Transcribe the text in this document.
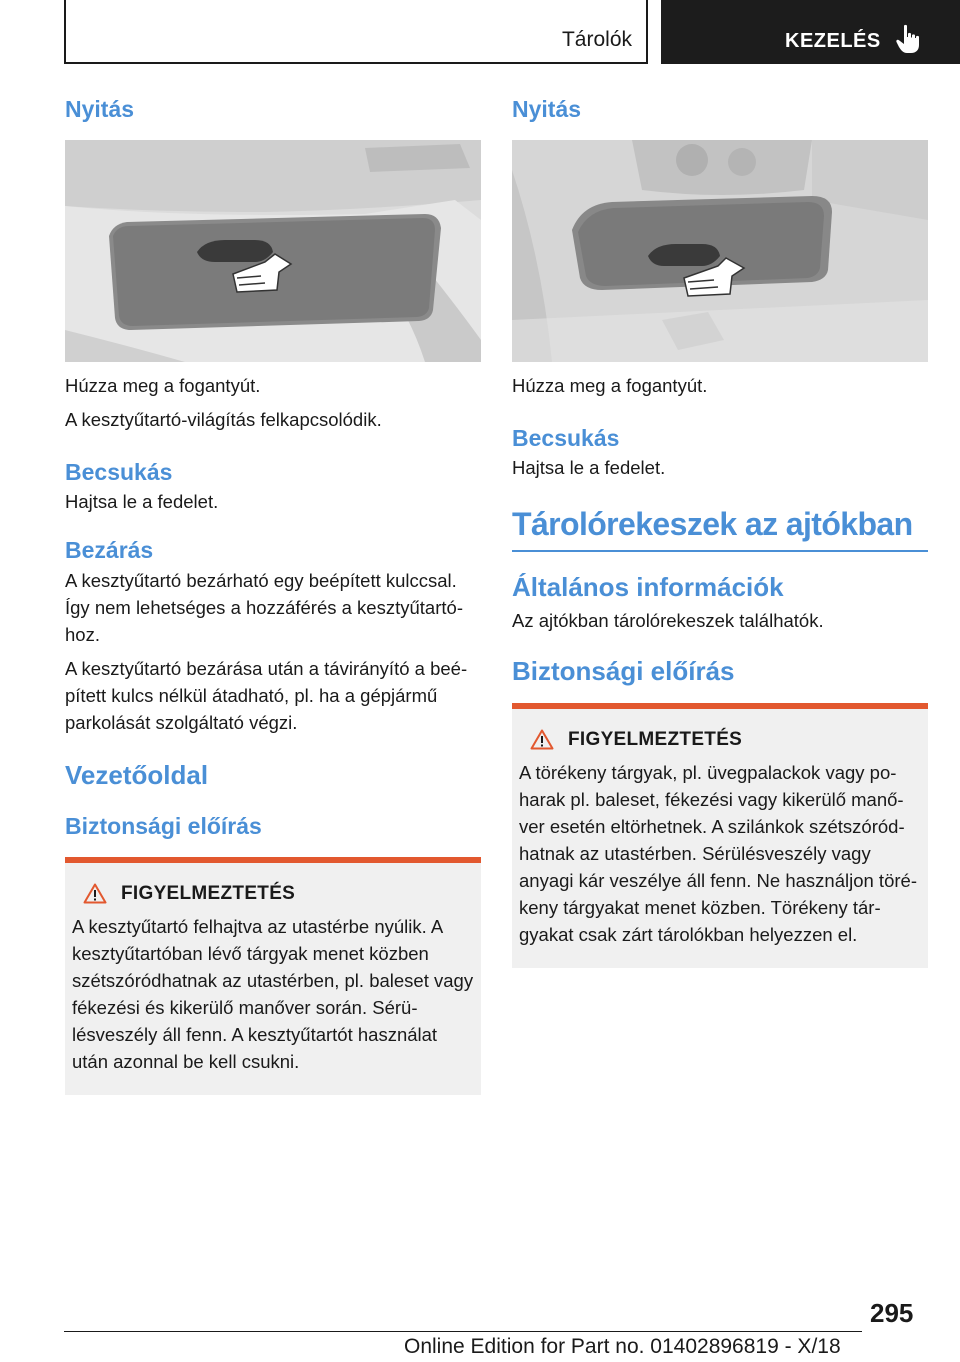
Tárolók	KEZELÉS
Nyitás

Húzza meg a fogantyút.

A kesztyűtartó-világítás felkapcsolódik.

Becsukás

Hajtsa le a fedelet.

Bezárás

A kesztyűtartó bezárható egy beépített kulccsal. Így nem lehetséges a hozzáférés a kesztyűtartóhoz.

A kesztyűtartó bezárása után a távirányító a beépített kulcs nélkül átadható, pl. ha a gépjármű parkolását szolgáltató végzi.

Vezetőoldal
Biztonsági előírás
FIGYELMEZTETÉS

A kesztyűtartó felhajtva az utastérbe nyúlik. A kesztyűtartóban lévő tárgyak menet közben szétszóródhatnak az utastérben, pl. baleset vagy fékezési és kikerülő manőver során. Sérülésveszély áll fenn. A kesztyűtartót használat után azonnal be kell csukni.

Nyitás

Húzza meg a fogantyút.

Becsukás

Hajtsa le a fedelet.

Tárolórekeszek az ajtókban
Általános információk

Az ajtókban tárolórekeszek találhatók.

Biztonsági előírás
FIGYELMEZTETÉS

A törékeny tárgyak, pl. üvegpalackok vagy poharak pl. baleset, fékezési vagy kikerülő manőver esetén eltörhetnek. A szilánkok szétszóródhatnak az utastérben. Sérülésveszély vagy anyagi kár veszélye áll fenn. Ne használjon törékeny tárgyakat menet közben. Törékeny tárgyakat csak zárt tárolókban helyezzen el.

295
Online Edition for Part no. 01402896819 - X/18
